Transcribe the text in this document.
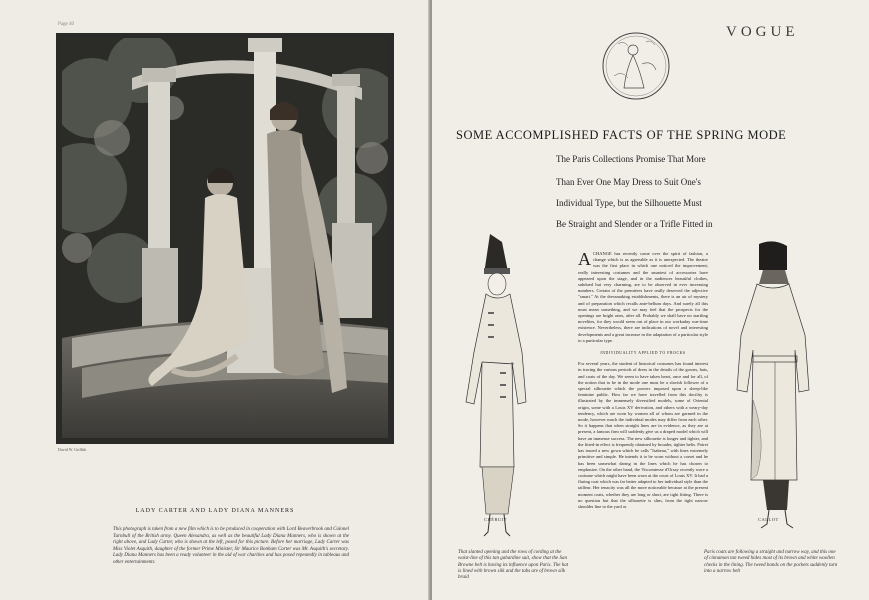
Page 40
David W. Griffith
LADY CARTER AND LADY DIANA MANNERS
This photograph is taken from a new film which is to be produced in cooperation with Lord Beaverbrook and Colonel Turnbull of the British army. Queen Alexandra, as well as the beautiful Lady Diana Manners, who is shown at the right above, and Lady Carter, who is shown at the left, posed for this picture. Before her marriage, Lady Carter was Miss Violet Asquith, daughter of the former Prime Minister, Sir Maurice Bonham Carter was Mr. Asquith's secretary. Lady Diana Manners has been a ready volunteer in the aid of war charities and has posed repeatedly in tableaus and other entertainments
VOGUE
SOME ACCOMPLISHED FACTS OF THE SPRING MODE
The Paris Collections Promise That More
Than Ever One May Dress to Suit One's
Individual Type, but the Silhouette Must
Be Straight and Slender or a Trifle Fitted in
CHÉRUIT	CALLOT
ACHANGE has recently come over the spirit of fashion, a change which is as agreeable as it is unexpected. The theatre was the first place in which one noticed the improvement; really interesting costumes and the smartest of accessories have appeared upon the stage, and in the audiences beautiful clothes, subdued but very charming, are to be observed in ever increasing numbers. Certain of the premières have really deserved the adjective "smart." At the dressmaking establishments, there is an air of mystery and of preparation which recalls ante-bellum days. And surely all this must mean something, and we may feel that the prospects for the openings are bright ones, after all. Probably we shall have no startling novelties, for they would seem out of place in our workaday war-time existence. Nevertheless, there are indications of novel and interesting developments and a great increase in the adaptation of a particular style to a particular type.
INDIVIDUALITY APPLIED TO FROCKS
For several years, the student of historical costumes has found interest in tracing the various periods of dress in the details of the gowns, hats, and coats of the day. We seem to have taken heart, once and for all, of the notion that to be in the mode one must be a slavish follower of a special silhouette which the powers imposed upon a sheep-like feminine public. How far we have travelled from this docility is illustrated by the immensely diversified models, some of Oriental origin, some with a Louis XV derivation, and others with a weary-day tendency, which are worn by women all of whom are garmed in the mode, however much the individual modes may differ from each other. So it happens that when straight lines are in evidence, as they are at present, a famous firm will suddenly give us a draped model which will have an immense success. The new silhouette is longer and tighter, and the fitted-in effect is frequently obtained by broader, tighter belts. Poiret has issued a new gown which he calls "Isabeau," with lines extremely primitive and simple. He intends it to be worn without a corset and he has been somewhat daring in the lines which he has chosen to emphasize. On the other hand, the Viscomtesse d'Orsay recently wore a costume which might have been worn at the court of Louis XV. It had a flaring coat which was far better adapted to her individual style than the tailleur. Her tenacity was all the more noticeable because at the present moment coats, whether they are long or short, are tight fitting. There is no question but that the silhouette is slim, from the tight narrow shoulder line to the yard or
That slanted opening and the rows of cording at the waist-line of this tan gabardine suit, show that the San Browne belt is having its influence upon Paris. The hat is lined with brown silk and the tabs are of brown silk braid
Paris coats are following a straight and narrow way, and this one of cinnamon tan tweed hides most of its brown and white woollen checks in the lining. The tweed bands on the pockets suddenly turn into a narrow belt
